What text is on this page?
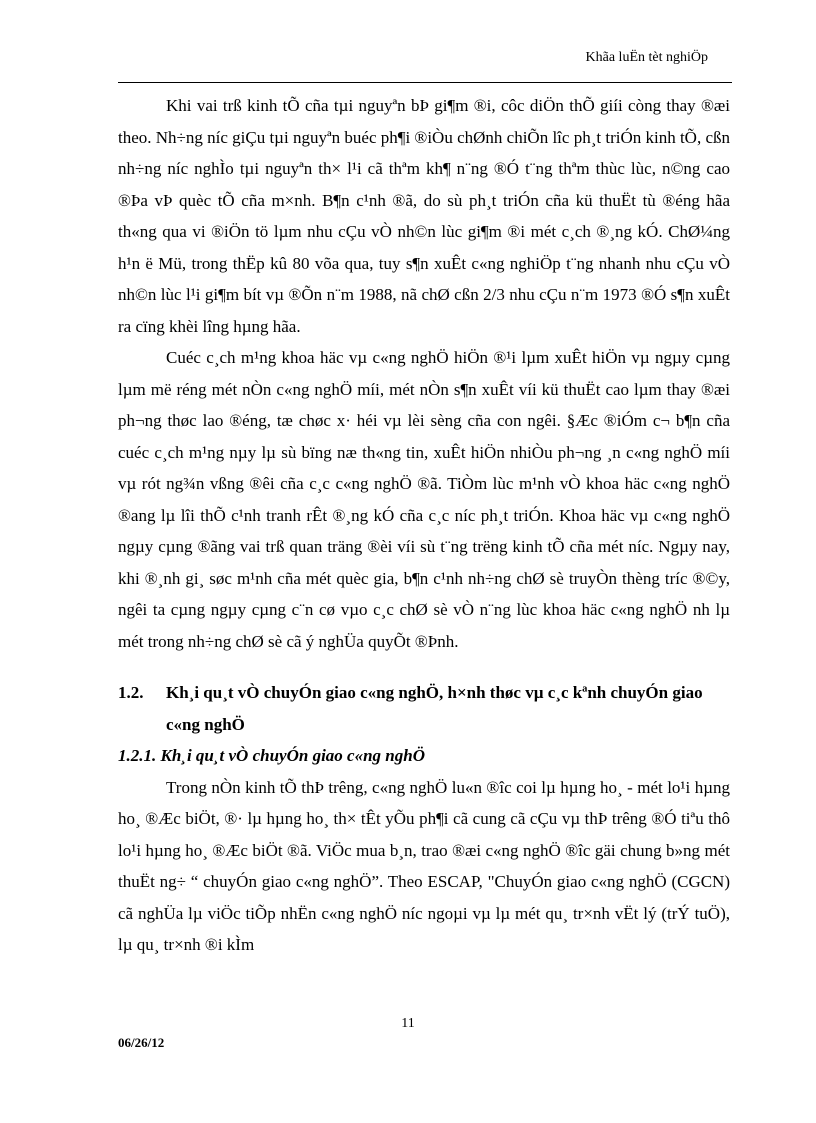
Khãa luËn tèt nghiÖp

Khi vai trß kinh tÕ cña tµi nguyªn bÞ gi¶m ®i, côc diÖn thÕ giíi còng thay ®æi theo. Nh÷ng níc giÇu tµi nguyªn buéc ph¶i ®iÒu chØnh chiÕn lîc ph¸t triÓn kinh tÕ, cßn nh÷ng níc nghÌo tµi nguyªn th× l¹i cã thªm kh¶ n¨ng ®Ó t¨ng thªm thùc lùc, n©ng cao ®Þa vÞ quèc tÕ cña m×nh. B¶n c¹nh ®ã, do sù ph¸t triÓn cña kü thuËt tù ®éng hãa th«ng qua vi ®iÖn tö lµm nhu cÇu vÒ nh©n lùc gi¶m ®i mét c¸ch ®¸ng kÓ. ChØ¼ng h¹n ë Mü, trong thËp kû 80 võa qua, tuy s¶n xuÊt c«ng nghiÖp t¨ng nhanh nhu cÇu vÒ nh©n lùc l¹i gi¶m bít vµ ®Õn n¨m 1988, nã chØ cßn 2/3 nhu cÇu n¨m 1973 ®Ó s¶n xuÊt ra cïng khèi lîng hµng hãa.

Cuéc c¸ch m¹ng khoa häc vµ c«ng nghÖ hiÖn ®¹i lµm xuÊt hiÖn vµ ngµy cµng lµm më réng mét nÒn c«ng nghÖ míi, mét nÒn s¶n xuÊt víi kü thuËt cao lµm thay ®æi ph¬ng thøc lao ®éng, tæ chøc x· héi vµ lèi sèng cña con ngêi. §Æc ®iÓm c¬ b¶n cña cuéc c¸ch m¹ng nµy lµ sù bïng næ th«ng tin, xuÊt hiÖn nhiÒu ph¬ng ¸n c«ng nghÖ míi vµ rót ng¾n vßng ®êi cña c¸c c«ng nghÖ ®ã. TiÒm lùc m¹nh vÒ khoa häc c«ng nghÖ ®ang lµ lîi thÕ c¹nh tranh rÊt ®¸ng kÓ cña c¸c níc ph¸t triÓn. Khoa häc vµ c«ng nghÖ ngµy cµng ®ãng vai trß quan träng ®èi víi sù t¨ng trëng kinh tÕ cña mét níc. Ngµy nay, khi ®¸nh gi¸ søc m¹nh cña mét quèc gia, b¶n c¹nh nh÷ng chØ sè truyÒn thèng tríc ®©y, ngêi ta cµng ngµy cµng c¨n cø vµo c¸c chØ sè vÒ n¨ng lùc khoa häc c«ng nghÖ nh lµ mét trong nh÷ng chØ sè cã ý nghÜa quyÕt ®Þnh.

1.2. Kh¸i qu¸t vÒ chuyÓn giao c«ng nghÖ, h×nh thøc vµ c¸c kªnh chuyÓn giao c«ng nghÖ

1.2.1. Kh¸i qu¸t vÒ chuyÓn giao c«ng nghÖ

Trong nÒn kinh tÕ thÞ trêng, c«ng nghÖ lu«n ®îc coi lµ hµng ho¸ - mét lo¹i hµng ho¸ ®Æc biÖt, ®· lµ hµng ho¸ th× tÊt yÕu ph¶i cã cung cã cÇu vµ thÞ trêng ®Ó tiªu thô lo¹i hµng ho¸ ®Æc biÖt ®ã. ViÖc mua b¸n, trao ®æi c«ng nghÖ ®îc gäi chung b»ng mét thuËt ng÷ “ chuyÓn giao c«ng nghÖ”. Theo ESCAP, "ChuyÓn giao c«ng nghÖ (CGCN) cã nghÜa lµ viÖc tiÕp nhËn c«ng nghÖ níc ngoµi vµ lµ mét qu¸ tr×nh vËt lý (trÝ tuÖ), lµ qu¸ tr×nh ®i kÌm

11
06/26/12
